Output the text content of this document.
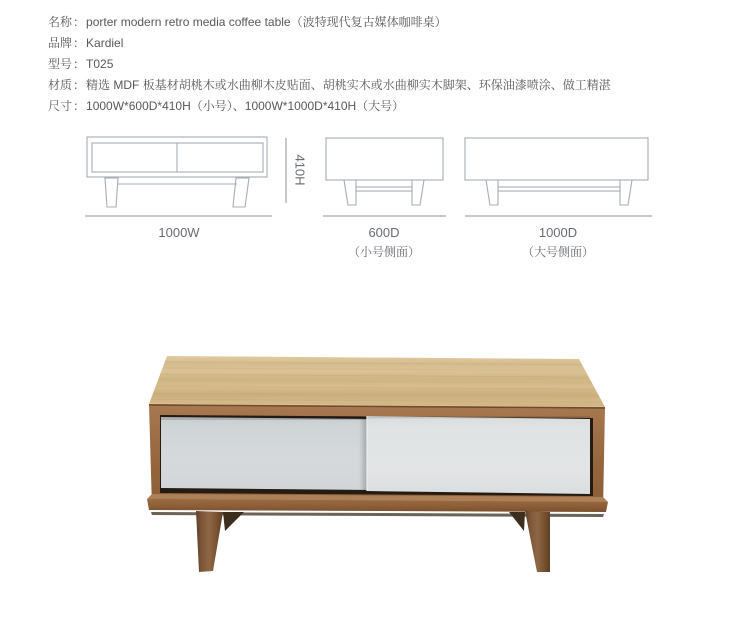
名称：porter modern retro media coffee table（波特现代复古媒体咖啡桌）
品牌：Kardiel
型号：T025
材质：精选 MDF 板基材胡桃木或水曲柳木皮贴面、胡桃实木或水曲柳实木脚架、环保油漆喷涂、做工精湛
尺寸：1000W*600D*410H（小号）、1000W*1000D*410H（大号）
410H
1000W	600D
（小号侧面）
1000D
（大号侧面）
